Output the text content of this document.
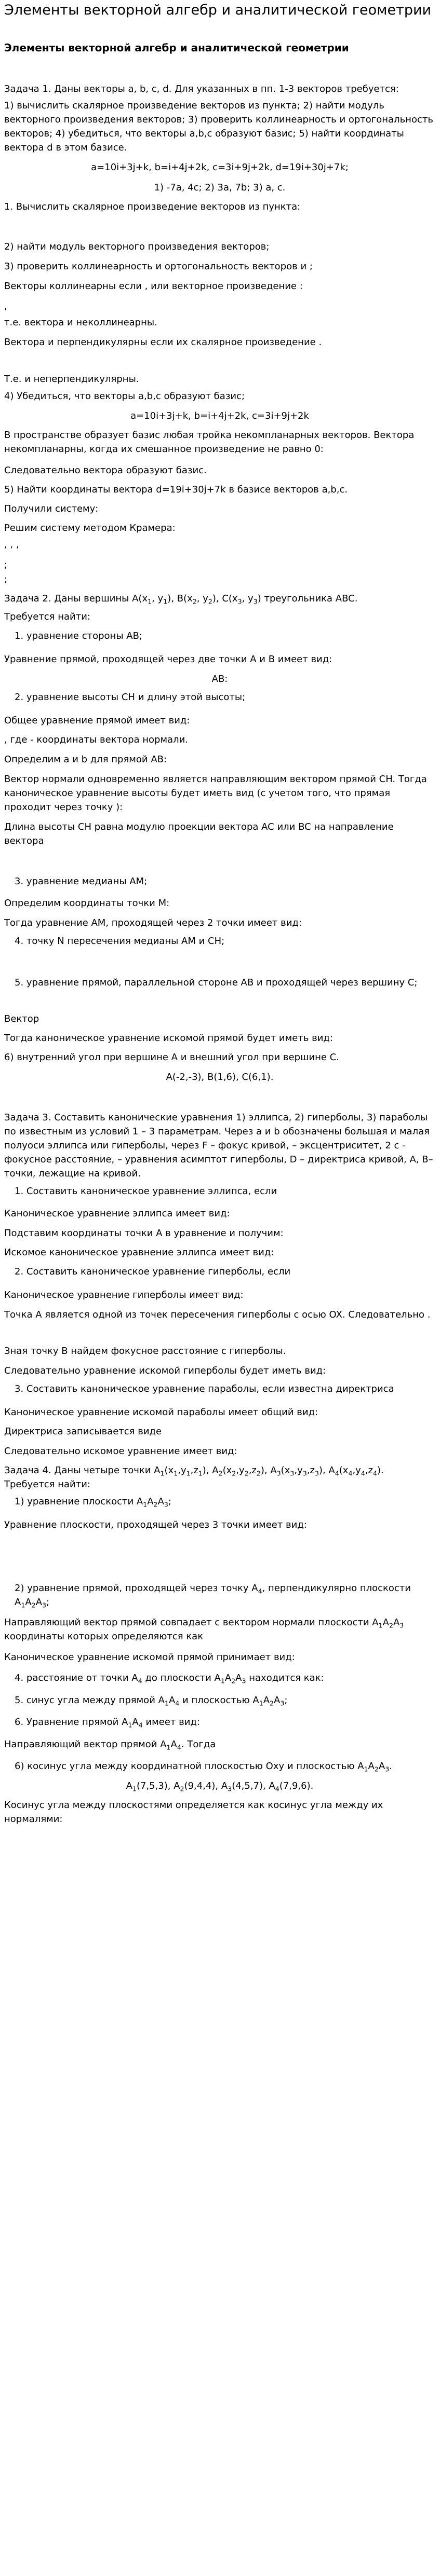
Элементы векторной алгебр и аналитической геометрии
Элементы векторной алгебр и аналитической геометрии

Задача 1. Даны векторы a, b, c, d. Для указанных в пп. 1-3 векторов требуется:

1) вычислить скалярное произведение векторов из пункта; 2) найти модуль векторного произведения векторов; 3) проверить коллинеарность и ортогональность векторов; 4) убедиться, что векторы a,b,c образуют базис; 5) найти координаты вектора d в этом базисе.

a=10i+3j+k, b=i+4j+2k, c=3i+9j+2k, d=19i+30j+7k;

1) -7a, 4c; 2) 3a, 7b; 3) a, c.

1. Вычислить скалярное произведение векторов из пункта:

2) найти модуль векторного произведения векторов;

3) проверить коллинеарность и ортогональность векторов и ;

Векторы коллинеарны если , или векторное произведение :

,

т.е. вектора и неколлинеарны.

Вектора и перпендикулярны если их скалярное произведение .

Т.е. и неперпендикулярны.

4) Убедиться, что векторы a,b,c образуют базис;

a=10i+3j+k, b=i+4j+2k, c=3i+9j+2k

В пространстве образует базис любая тройка некомпланарных векторов. Вектора некомпланарны, когда их смешанное произведение не равно 0:

Следовательно вектора образуют базис.

5) Найти координаты вектора d=19i+30j+7k в базисе векторов a,b,c.

Получили систему:

Решим систему методом Крамера:

, , ,

;

;

Задача 2. Даны вершины $A(x_1$, $y_1$), $B(x_2$, $y_2$), $C(x_3$, $y_3$) треугольника ABC.

Требуется найти:

1. уравнение стороны AB;

Уравнение прямой, проходящей через две точки A и B имеет вид:

AB:

2. уравнение высоты CH и длину этой высоты;

Общее уравнение прямой имеет вид:

, где - координаты вектора нормали.

Определим a и b для прямой AB:

Вектор нормали одновременно является направляющим вектором прямой CH. Тогда каноническое уравнение высоты будет иметь вид (с учетом того, что прямая проходит через точку ):

Длина высоты CH равна модулю проекции вектора AC или BC на направление вектора

3. уравнение медианы AM;

Определим координаты точки M:

Тогда уравнение AM, проходящей через 2 точки имеет вид:

4. точку N пересечения медианы AM и CH;

5. уравнение прямой, параллельной стороне AB и проходящей через вершину C;

Вектор

Тогда каноническое уравнение искомой прямой будет иметь вид:

6) внутренний угол при вершине A и внешний угол при вершине C.

A(-2,-3), B(1,6), C(6,1).

Задача 3. Составить канонические уравнения 1) эллипса, 2) гиперболы, 3) параболы по известным из условий 1 – 3 параметрам. Через a и b обозначены большая и малая полуоси эллипса или гиперболы, через F – фокус кривой, – эксцентриситет, 2 c - фокусное расстояние, – уравнения асимптот гиперболы, D – директриса кривой, A, B– точки, лежащие на кривой.

1. Составить каноническое уравнение эллипса, если

Каноническое уравнение эллипса имеет вид:

Подставим координаты точки A в уравнение и получим:

Искомое каноническое уравнение эллипса имеет вид:

2. Составить каноническое уравнение гиперболы, если

Каноническое уравнение гиперболы имеет вид:

Точка A является одной из точек пересечения гиперболы с осью OX. Следовательно .

Зная точку B найдем фокусное расстояние с гиперболы.

Следовательно уравнение искомой гиперболы будет иметь вид:

3. Составить каноническое уравнение параболы, если известна директриса

Каноническое уравнение искомой параболы имеет общий вид:

Директриса записывается виде

Следовательно искомое уравнение имеет вид:

Задача 4. Даны четыре точки $A_1(x_1,y_1,z_1)$, $A_2(x_2,y_2,z_2)$, $A_3(x_3,y_3,z_3)$, $A_4(x_4,y_4,z_4)$. Требуется найти:

1) уравнение плоскости $A_1A_2A_3$;

Уравнение плоскости, проходящей через 3 точки имеет вид:

2) уравнение прямой, проходящей через точку $A_4$, перпендикулярно плоскости $A_1A_2A_3$;

Направляющий вектор прямой совпадает с вектором нормали плоскости $A_1A_2A_3$ координаты которых определяются как

Каноническое уравнение искомой прямой принимает вид:

4. расстояние от точки $A_4$ до плоскости $A_1A_2A_3$ находится как:

5. синус угла между прямой $A_1A_4$ и плоскостью $A_1A_2A_3$;

6. Уравнение прямой $A_1A_4$ имеет вид:

Направляющий вектор прямой $A_1A_4$. Тогда

6) косинус угла между координатной плоскостью Oxy и плоскостью $A_1A_2A_3$.

$A_1(7,5,3)$, $A_2(9,4,4)$, $A_3(4,5,7)$, $A_4(7,9,6)$.

Косинус угла между плоскостями определяется как косинус угла между их нормалями:
